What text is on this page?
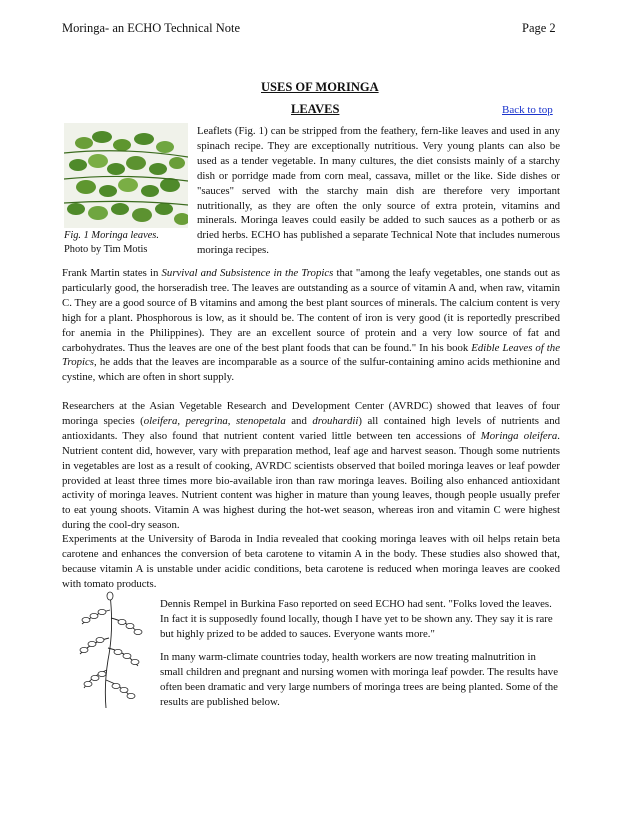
Moringa- an ECHO Technical Note	Page 2
USES OF MORINGA
LEAVES	Back to top
Fig. 1 Moringa leaves.
Photo by Tim Motis

Leaflets (Fig. 1) can be stripped from the feathery, fern-like leaves and used in any spinach recipe. They are exceptionally nutritious. Very young plants can also be used as a tender vegetable. In many cultures, the diet consists mainly of a starchy dish or porridge made from corn meal, cassava, millet or the like. Side dishes or "sauces" served with the starchy main dish are therefore very important nutritionally, as they are often the only source of extra protein, vitamins and minerals. Moringa leaves could easily be added to such sauces as a potherb or as dried herbs. ECHO has published a separate Technical Note that includes numerous moringa recipes.

Frank Martin states in Survival and Subsistence in the Tropics that "among the leafy vegetables, one stands out as particularly good, the horseradish tree. The leaves are outstanding as a source of vitamin A and, when raw, vitamin C. They are a good source of B vitamins and among the best plant sources of minerals. The calcium content is very high for a plant. Phosphorous is low, as it should be. The content of iron is very good (it is reportedly prescribed for anemia in the Philippines). They are an excellent source of protein and a very low source of fat and carbohydrates. Thus the leaves are one of the best plant foods that can be found." In his book Edible Leaves of the Tropics, he adds that the leaves are incomparable as a source of the sulfur-containing amino acids methionine and cystine, which are often in short supply.

Researchers at the Asian Vegetable Research and Development Center (AVRDC) showed that leaves of four moringa species (oleifera, peregrina, stenopetala and drouhardii) all contained high levels of nutrients and antioxidants. They also found that nutrient content varied little between ten accessions of Moringa oleifera. Nutrient content did, however, vary with preparation method, leaf age and harvest season. Though some nutrients in vegetables are lost as a result of cooking, AVRDC scientists observed that boiled moringa leaves or leaf powder provided at least three times more bio-available iron than raw moringa leaves. Boiling also enhanced antioxidant activity of moringa leaves. Nutrient content was higher in mature than young leaves, though people usually prefer to eat young shoots. Vitamin A was highest during the hot-wet season, whereas iron and vitamin C were highest during the cool-dry season.

Experiments at the University of Baroda in India revealed that cooking moringa leaves with oil helps retain beta carotene and enhances the conversion of beta carotene to vitamin A in the body. These studies also showed that, because vitamin A is unstable under acidic conditions, beta carotene is reduced when moringa leaves are cooked with tomato products.

Dennis Rempel in Burkina Faso reported on seed ECHO had sent. "Folks loved the leaves. In fact it is supposedly found locally, though I have yet to be shown any. They say it is rare but highly prized to be added to sauces. Everyone wants more."

In many warm-climate countries today, health workers are now treating malnutrition in small children and pregnant and nursing women with moringa leaf powder. The results have often been dramatic and very large numbers of moringa trees are being planted. Some of the results are published below.
